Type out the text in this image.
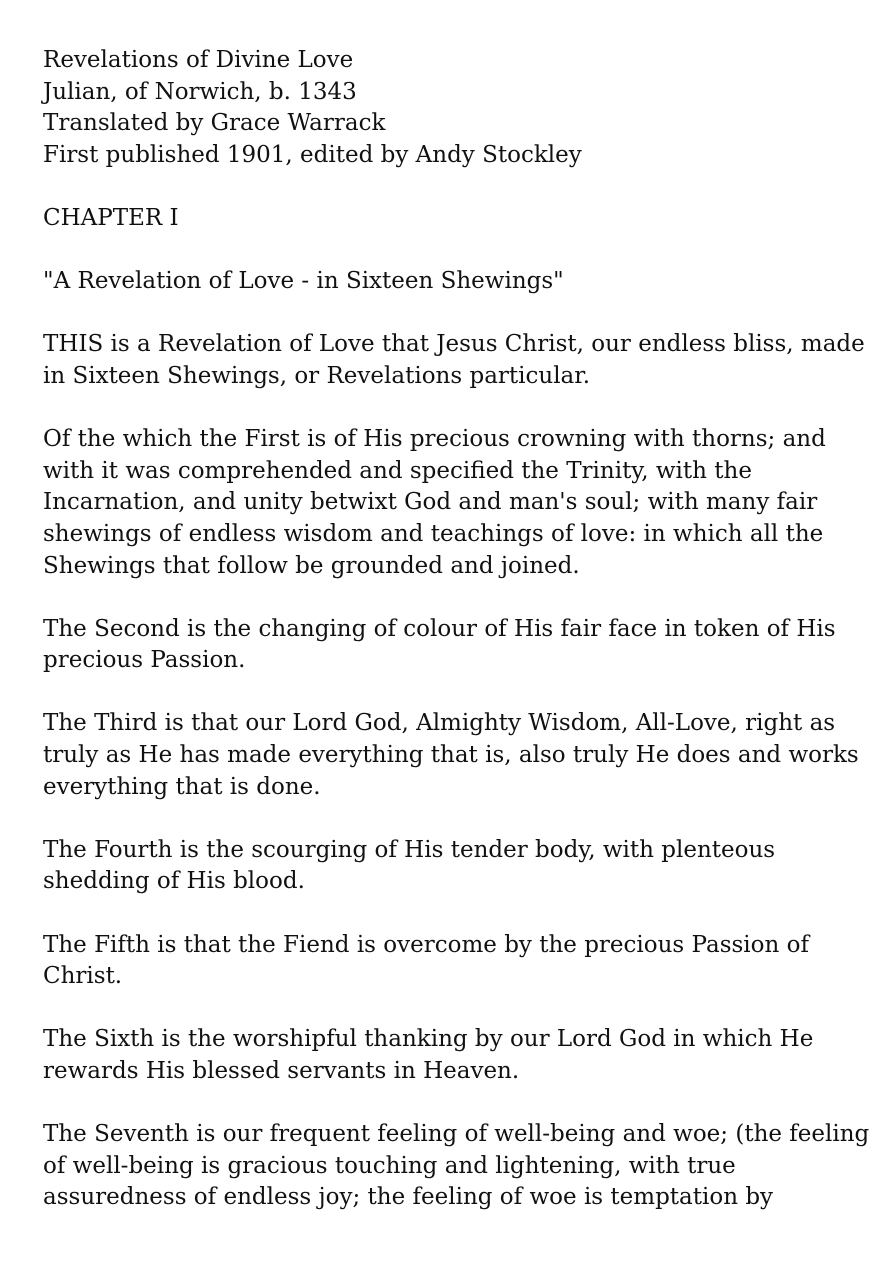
Revelations of Divine Love
Julian, of Norwich, b. 1343
Translated by Grace Warrack
First published 1901, edited by Andy Stockley
CHAPTER I
"A Revelation of Love - in Sixteen Shewings"
THIS is a Revelation of Love that Jesus Christ, our endless bliss, made
in Sixteen Shewings, or Revelations particular.
Of the which the First is of His precious crowning with thorns; and
with it was comprehended and specified the Trinity, with the
Incarnation, and unity betwixt God and man's soul; with many fair
shewings of endless wisdom and teachings of love: in which all the
Shewings that follow be grounded and joined.
The Second is the changing of colour of His fair face in token of His
precious Passion.
The Third is that our Lord God, Almighty Wisdom, All-Love, right as
truly as He has made everything that is, also truly He does and works
everything that is done.
The Fourth is the scourging of His tender body, with plenteous
shedding of His blood.
The Fifth is that the Fiend is overcome by the precious Passion of
Christ.
The Sixth is the worshipful thanking by our Lord God in which He
rewards His blessed servants in Heaven.
The Seventh is our frequent feeling of well-being and woe; (the feeling
of well-being is gracious touching and lightening, with true
assuredness of endless joy; the feeling of woe is temptation by
